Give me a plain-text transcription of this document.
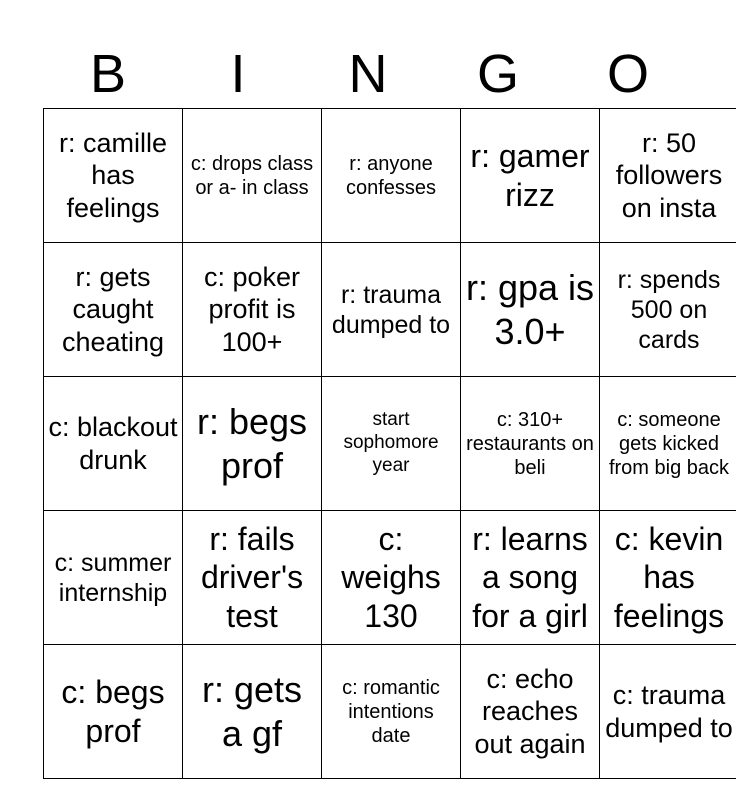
B	I	N	G	O
r: camille has feelings	c: drops class or a- in class	r: anyone confesses	r: gamer rizz	r: 50 followers on insta
r: gets caught cheating	c: poker profit is 100+	r: trauma dumped to	r: gpa is 3.0+	r: spends 500 on cards
c: blackout drunk	r: begs prof	start sophomore year	c: 310+ restaurants on beli	c: someone gets kicked from big back
c: summer internship	r: fails driver's test	c: weighs 130	r: learns a song for a girl	c: kevin has feelings
c: begs prof	r: gets a gf	c: romantic intentions date	c: echo reaches out again	c: trauma dumped to
